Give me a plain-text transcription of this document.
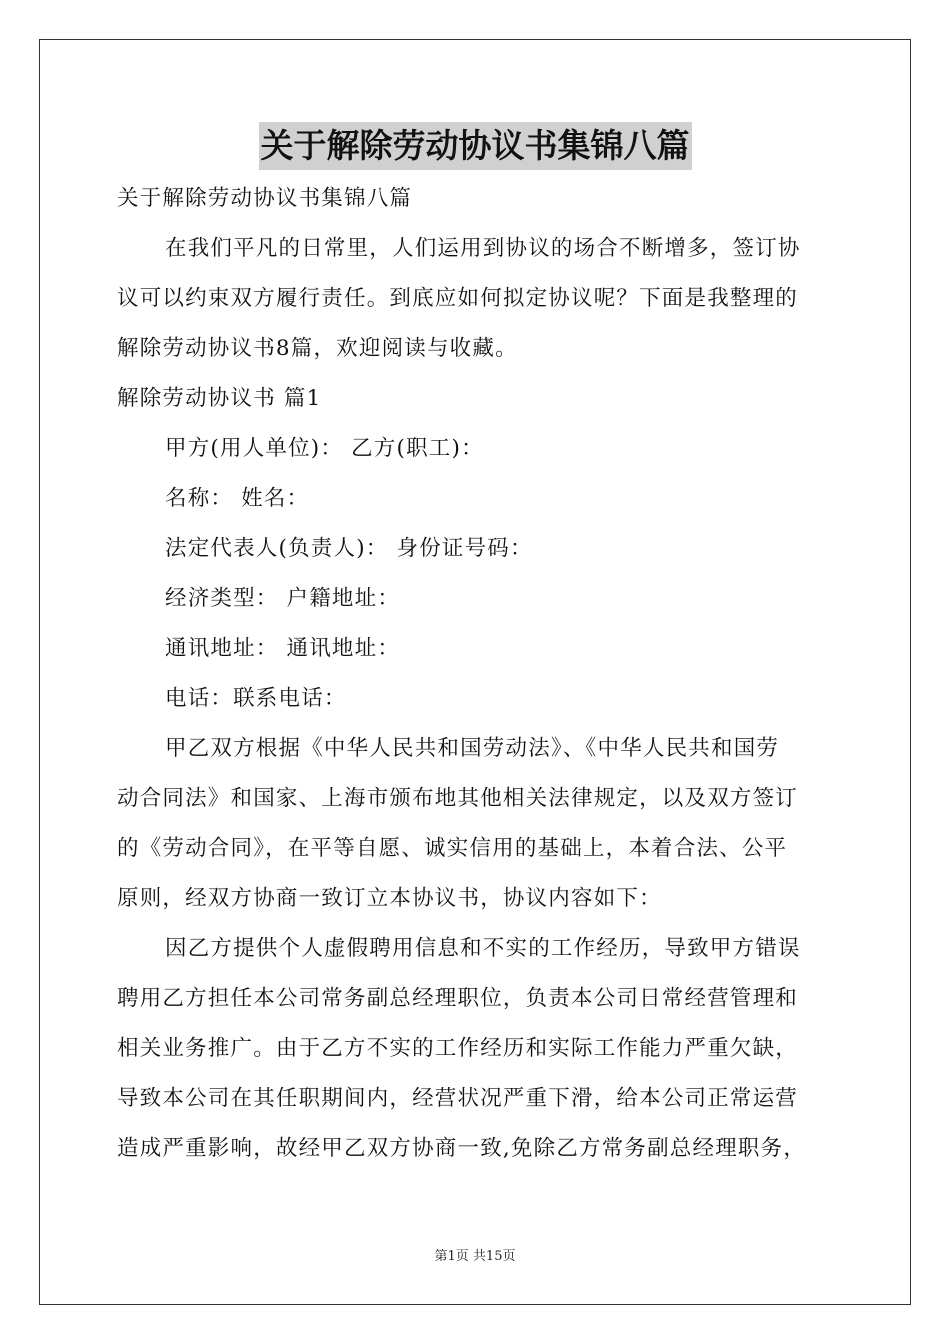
关于解除劳动协议书集锦八篇
关于解除劳动协议书集锦八篇
在我们平凡的日常里，人们运用到协议的场合不断增多，签订协
议可以约束双方履行责任。到底应如何拟定协议呢？下面是我整理的
解除劳动协议书8篇，欢迎阅读与收藏。
解除劳动协议书 篇1
甲方(用人单位)： 乙方(职工)：
名称： 姓名：
法定代表人(负责人)： 身份证号码：
经济类型： 户籍地址：
通讯地址： 通讯地址：
电话：联系电话：
甲乙双方根据《中华人民共和国劳动法》、《中华人民共和国劳
动合同法》和国家、上海市颁布地其他相关法律规定，以及双方签订
的《劳动合同》，在平等自愿、诚实信用的基础上，本着合法、公平
原则，经双方协商一致订立本协议书，协议内容如下：
因乙方提供个人虚假聘用信息和不实的工作经历，导致甲方错误
聘用乙方担任本公司常务副总经理职位，负责本公司日常经营管理和
相关业务推广。由于乙方不实的工作经历和实际工作能力严重欠缺，
导致本公司在其任职期间内，经营状况严重下滑，给本公司正常运营
造成严重影响，故经甲乙双方协商一致,免除乙方常务副总经理职务，
第1页 共15页
